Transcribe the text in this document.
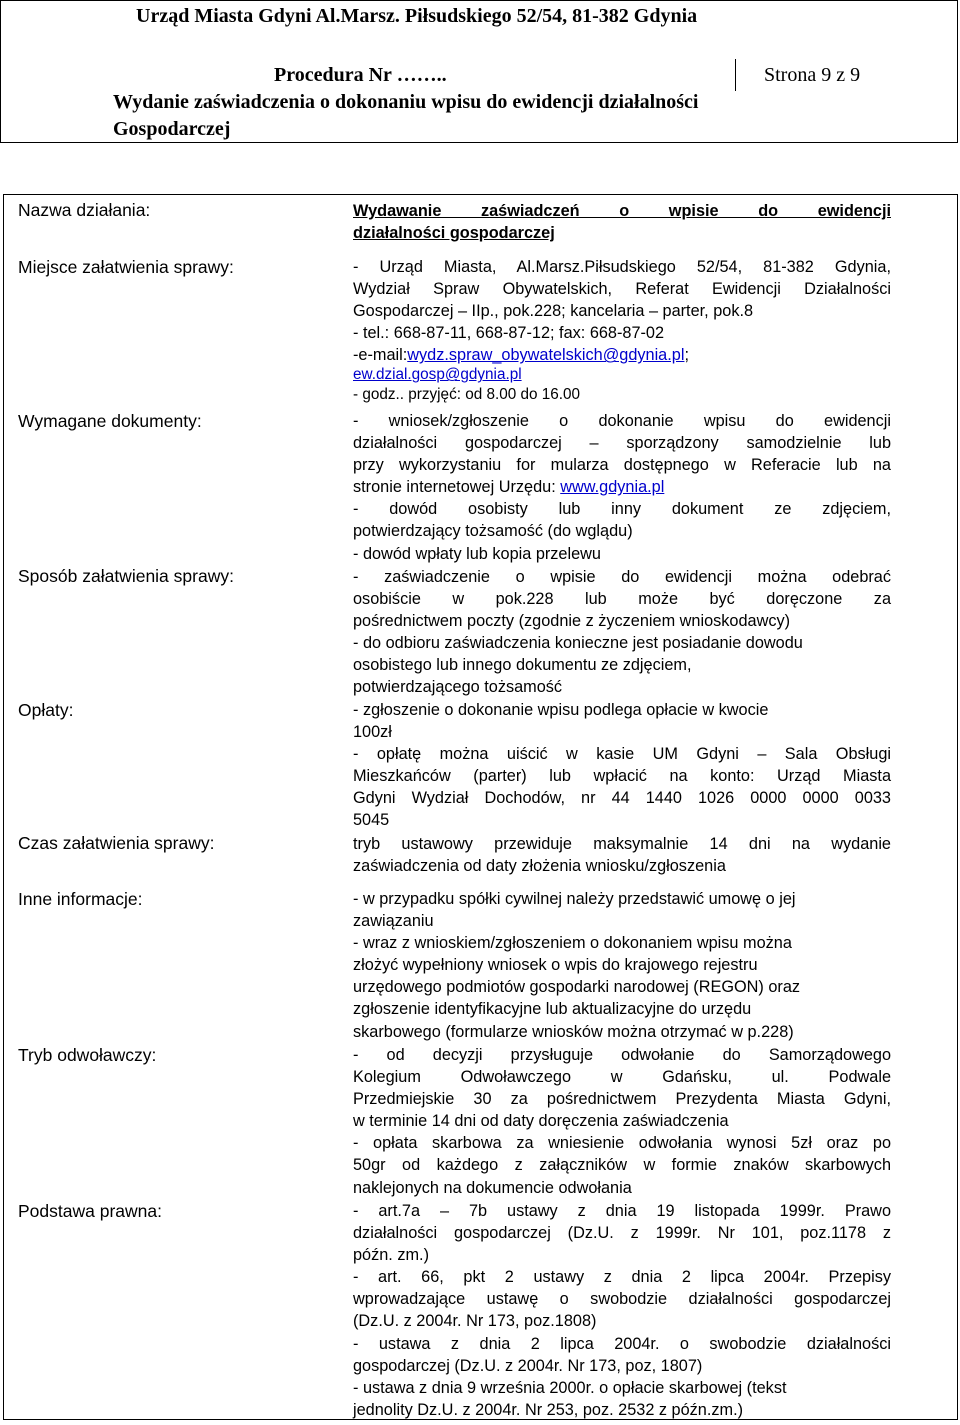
Urząd Miasta Gdyni Al.Marsz. Piłsudskiego 52/54, 81-382 Gdynia
Procedura Nr ……..	Strona 9 z 9
Wydanie zaświadczenia o dokonaniu wpisu do ewidencji działalności
Gospodarczej
Nazwa działania:	Wydawanie zaświadczeń o wpisie do ewidencji
działalności gospodarczej
Miejsce załatwienia sprawy:	- Urząd Miasta, Al.Marsz.Piłsudskiego 52/54, 81-382 Gdynia,
Wydział Spraw Obywatelskich, Referat Ewidencji Działalności
Gospodarczej – IIp., pok.228; kancelaria – parter, pok.8
- tel.: 668-87-11, 668-87-12; fax: 668-87-02
-e-mail:wydz.spraw_obywatelskich@gdynia.pl;
ew.dzial.gosp@gdynia.pl
- godz.. przyjęć: od 8.00 do 16.00
Wymagane dokumenty:	- wniosek/zgłoszenie o dokonanie wpisu do ewidencji
działalności gospodarczej – sporządzony samodzielnie lub
przy wykorzystaniu for mularza dostępnego w Referacie lub na
stronie internetowej Urzędu: www.gdynia.pl
- dowód osobisty lub inny dokument ze zdjęciem,
potwierdzający tożsamość (do wglądu)
- dowód wpłaty lub kopia przelewu
Sposób załatwienia sprawy:	- zaświadczenie o wpisie do ewidencji można odebrać
osobiście w pok.228 lub może być doręczone za
pośrednictwem poczty (zgodnie z życzeniem wnioskodawcy)
- do odbioru zaświadczenia konieczne jest posiadanie dowodu
osobistego lub innego dokumentu ze zdjęciem,
potwierdzającego tożsamość
Opłaty:	- zgłoszenie o dokonanie wpisu podlega opłacie w kwocie
100zł
- opłatę można uiścić w kasie UM Gdyni – Sala Obsługi
Mieszkańców (parter) lub wpłacić na konto: Urząd Miasta
Gdyni Wydział Dochodów, nr 44 1440 1026 0000 0000 0033
5045
Czas załatwienia sprawy:	tryb ustawowy przewiduje maksymalnie 14 dni na wydanie
zaświadczenia od daty złożenia wniosku/zgłoszenia
Inne informacje:	- w przypadku spółki cywilnej należy przedstawić umowę o jej
zawiązaniu
- wraz z wnioskiem/zgłoszeniem o dokonaniem wpisu można
złożyć wypełniony wniosek o wpis do krajowego rejestru
urzędowego podmiotów gospodarki narodowej (REGON) oraz
zgłoszenie identyfikacyjne lub aktualizacyjne do urzędu
skarbowego (formularze wniosków można otrzymać w p.228)
Tryb odwoławczy:	- od decyzji przysługuje odwołanie do Samorządowego
Kolegium Odwoławczego w Gdańsku, ul. Podwale
Przedmiejskie 30 za pośrednictwem Prezydenta Miasta Gdyni,
w terminie 14 dni od daty doręczenia zaświadczenia
- opłata skarbowa za wniesienie odwołania wynosi 5zł oraz po
50gr od każdego z załączników w formie znaków skarbowych
naklejonych na dokumencie odwołania
Podstawa prawna:	- art.7a – 7b ustawy z dnia 19 listopada 1999r. Prawo
działalności gospodarczej (Dz.U. z 1999r. Nr 101, poz.1178 z
późn. zm.)
- art. 66, pkt 2 ustawy z dnia 2 lipca 2004r. Przepisy
wprowadzające ustawę o swobodzie działalności gospodarczej
(Dz.U. z 2004r. Nr 173, poz.1808)
- ustawa z dnia 2 lipca 2004r. o swobodzie działalności
gospodarczej (Dz.U. z 2004r. Nr 173, poz, 1807)
- ustawa z dnia 9 września 2000r. o opłacie skarbowej (tekst
jednolity Dz.U. z 2004r. Nr 253, poz. 2532 z późn.zm.)
